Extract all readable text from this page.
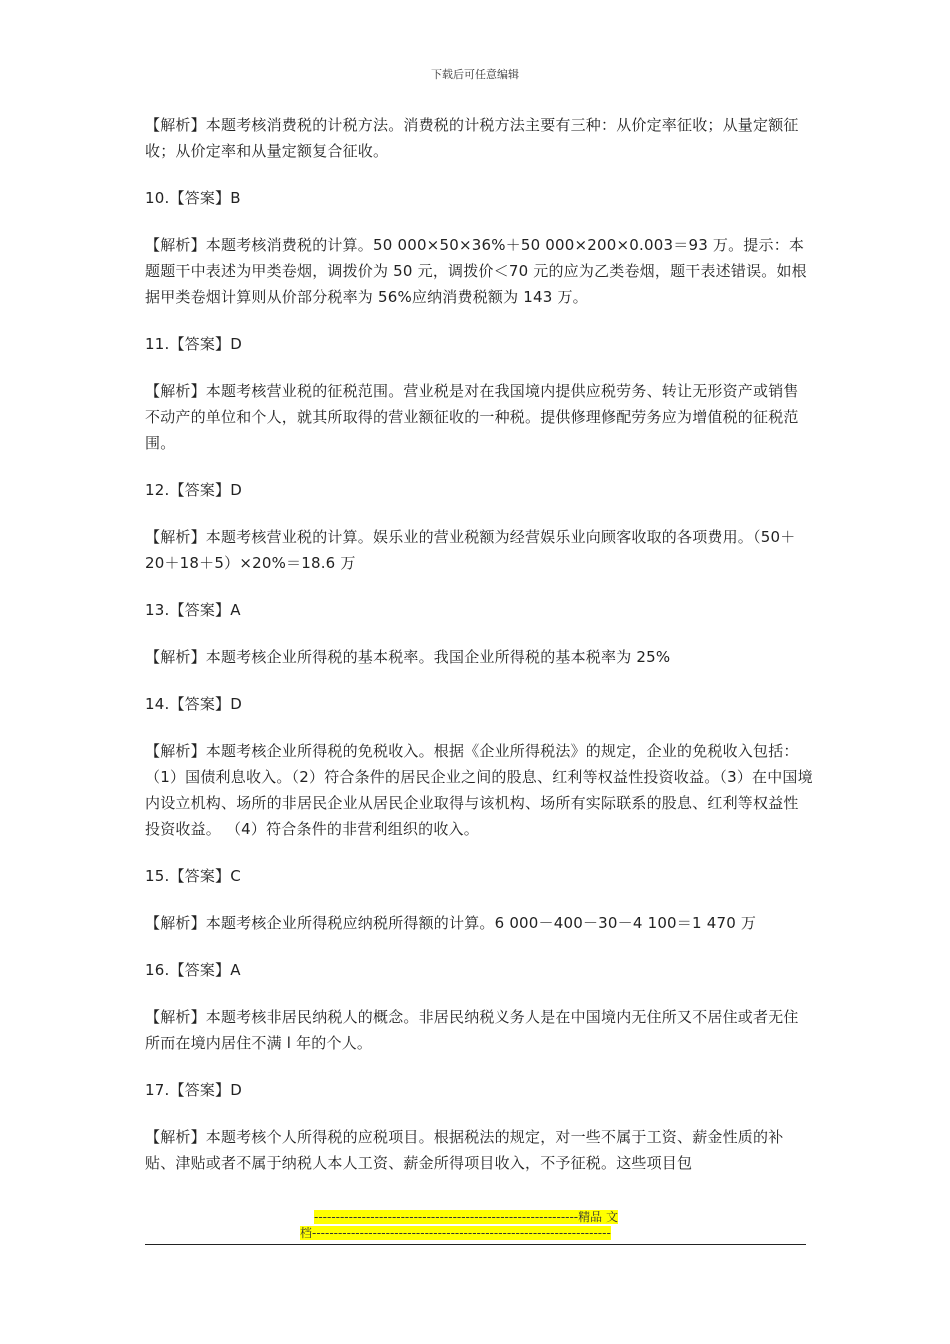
下载后可任意编辑

【解析】本题考核消费税的计税方法。消费税的计税方法主要有三种：从价定率征收；从量定额征收；从价定率和从量定额复合征收。

10.【答案】B

【解析】本题考核消费税的计算。50 000×50×36%＋50 000×200×0.003＝93 万。提示：本题题干中表述为甲类卷烟，调拨价为 50 元，调拨价＜70 元的应为乙类卷烟，题干表述错误。如根据甲类卷烟计算则从价部分税率为 56%应纳消费税额为 143 万。

11.【答案】D

【解析】本题考核营业税的征税范围。营业税是对在我国境内提供应税劳务、转让无形资产或销售不动产的单位和个人，就其所取得的营业额征收的一种税。提供修理修配劳务应为增值税的征税范围。

12.【答案】D

【解析】本题考核营业税的计算。娱乐业的营业税额为经营娱乐业向顾客收取的各项费用。（50＋20＋18＋5）×20%＝18.6 万

13.【答案】A

【解析】本题考核企业所得税的基本税率。我国企业所得税的基本税率为 25%

14.【答案】D

【解析】本题考核企业所得税的免税收入。根据《企业所得税法》的规定，企业的免税收入包括：（1）国债利息收入。（2）符合条件的居民企业之间的股息、红利等权益性投资收益。（3）在中国境内设立机构、场所的非居民企业从居民企业取得与该机构、场所有实际联系的股息、红利等权益性投资收益。 （4）符合条件的非营利组织的收入。

15.【答案】C

【解析】本题考核企业所得税应纳税所得额的计算。6 000－400－30－4 100＝1 470 万

16.【答案】A

【解析】本题考核非居民纳税人的概念。非居民纳税义务人是在中国境内无住所又不居住或者无住所而在境内居住不满 l 年的个人。

17.【答案】D

【解析】本题考核个人所得税的应税项目。根据税法的规定，对一些不属于工资、薪金性质的补贴、津贴或者不属于纳税人本人工资、薪金所得项目收入，不予征税。这些项目包

-------------------------------------------------------------精品 文
档---------------------------------------------------------------------
